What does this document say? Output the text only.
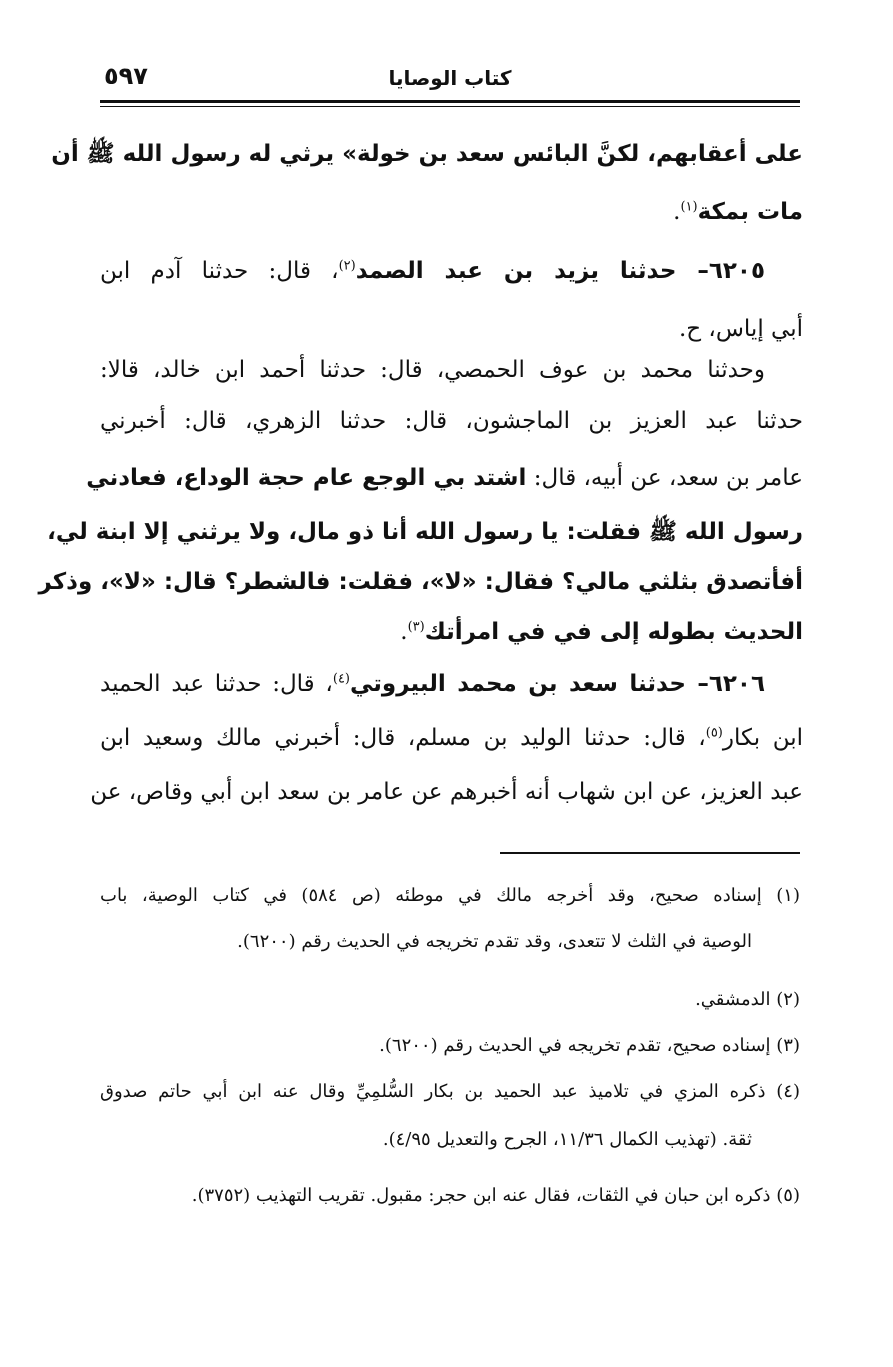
٥٩٧	كتاب الوصايا
على أعقابهم، لكنَّ البائس سعد بن خولة» يرثي له رسول الله ﷺ أن
مات بمكة$^{(١)}$.
٦٢٠٥– حدثنا يزيد بن عبد الصمد$^{(٢)}$، قال: حدثنا آدم ابن
أبي إياس، ح.
وحدثنا محمد بن عوف الحمصي، قال: حدثنا أحمد ابن خالد، قالا:
حدثنا عبد العزيز بن الماجشون، قال: حدثنا الزهري، قال: أخبرني
عامر بن سعد، عن أبيه، قال: اشتد بي الوجع عام حجة الوداع، فعادني
رسول الله ﷺ فقلت: يا رسول الله أنا ذو مال، ولا يرثني إلا ابنة لي،
أفأتصدق بثلثي مالي؟ فقال: «لا»، فقلت: فالشطر؟ قال: «لا»، وذكر
الحديث بطوله إلى في في امرأتك$^{(٣)}$.
٦٢٠٦– حدثنا سعد بن محمد البيروتي$^{(٤)}$، قال: حدثنا عبد الحميد
ابن بكار$^{(٥)}$، قال: حدثنا الوليد بن مسلم، قال: أخبرني مالك وسعيد ابن
عبد العزيز، عن ابن شهاب أنه أخبرهم عن عامر بن سعد ابن أبي وقاص، عن
(١) إسناده صحيح، وقد أخرجه مالك في موطئه (ص ٥٨٤) في كتاب الوصية، باب
الوصية في الثلث لا تتعدى، وقد تقدم تخريجه في الحديث رقم (٦٢٠٠).
(٢) الدمشقي.
(٣) إسناده صحيح، تقدم تخريجه في الحديث رقم (٦٢٠٠).
(٤) ذكره المزي في تلاميذ عبد الحميد بن بكار السُّلمِيِّ وقال عنه ابن أبي حاتم صدوق
ثقة. (تهذيب الكمال ١١/٣٦، الجرح والتعديل ٤/٩٥).
(٥) ذكره ابن حبان في الثقات، فقال عنه ابن حجر: مقبول. تقريب التهذيب (٣٧٥٢).
